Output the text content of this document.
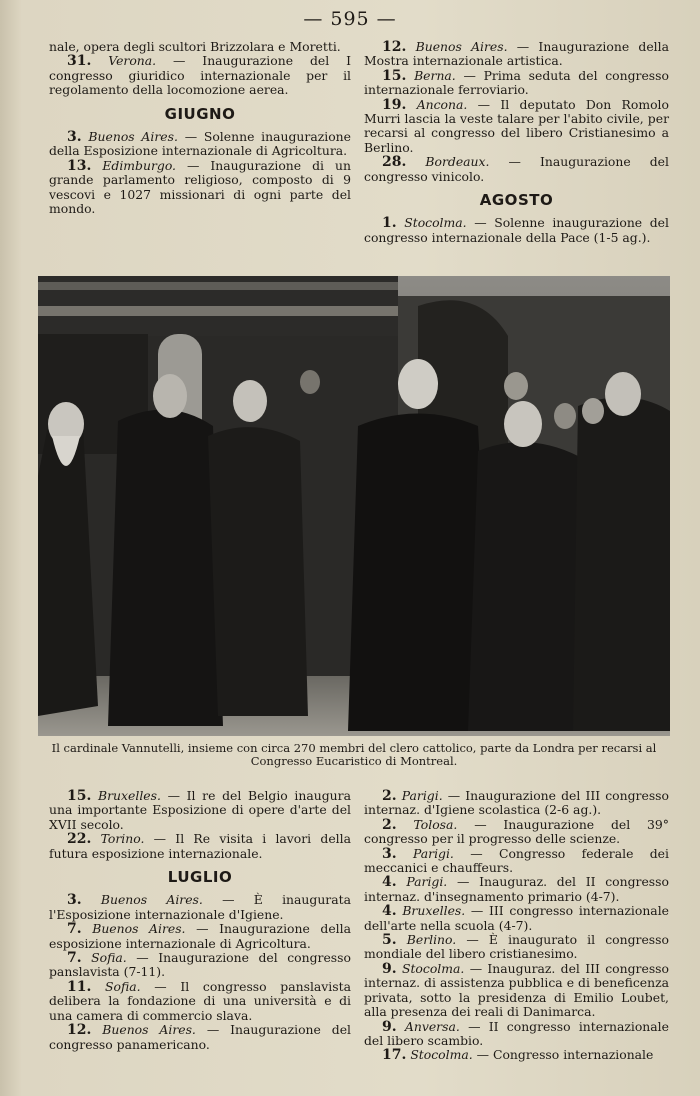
— 595 —

nale, opera degli scultori Brizzolara e Moretti.

31. Verona. — Inaugurazione del I congresso giuridico internazionale per il regolamento della locomozione aerea.

GIUGNO

3. Buenos Aires. — Solenne inaugurazione della Esposizione internazionale di Agricoltura.

13. Edimburgo. — Inaugurazione di un grande parlamento religioso, composto di 9 vescovi e 1027 missionari di ogni parte del mondo.

12. Buenos Aires. — Inaugurazione della Mostra internazionale artistica.

15. Berna. — Prima seduta del congresso internazionale ferroviario.

19. Ancona. — Il deputato Don Romolo Murri lascia la veste talare per l'abito civile, per recarsi al congresso del libero Cristianesimo a Berlino.

28. Bordeaux. — Inaugurazione del congresso vinicolo.

AGOSTO

1. Stocolma. — Solenne inaugurazione del congresso internazionale della Pace (1-5 ag.).

Il cardinale Vannutelli, insieme con circa 270 membri del clero cattolico, parte da Londra per recarsi al Congresso Eucaristico di Montreal.

15. Bruxelles. — Il re del Belgio inaugura una importante Esposizione di opere d'arte del XVII secolo.

22. Torino. — Il Re visita i lavori della futura esposizione internazionale.

LUGLIO

3. Buenos Aires. — È inaugurata l'Esposizione internazionale d'Igiene.

7. Buenos Aires. — Inaugurazione della esposizione internazionale di Agricoltura.

7. Sofia. — Inaugurazione del congresso panslavista (7-11).

11. Sofia. — Il congresso panslavista delibera la fondazione di una università e di una camera di commercio slava.

12. Buenos Aires. — Inaugurazione del congresso panamericano.

2. Parigi. — Inaugurazione del III congresso internaz. d'Igiene scolastica (2-6 ag.).

2. Tolosa. — Inaugurazione del 39° congresso per il progresso delle scienze.

3. Parigi. — Congresso federale dei meccanici e chauffeurs.

4. Parigi. — Inauguraz. del II congresso internaz. d'insegnamento primario (4-7).

4. Bruxelles. — III congresso internazionale dell'arte nella scuola (4-7).

5. Berlino. — È inaugurato il congresso mondiale del libero cristianesimo.

9. Stocolma. — Inauguraz. del III congresso internaz. di assistenza pubblica e di beneficenza privata, sotto la presidenza di Emilio Loubet, alla presenza dei reali di Danimarca.

9. Anversa. — II congresso internazionale del libero scambio.

17. Stocolma. — Congresso internazionale
